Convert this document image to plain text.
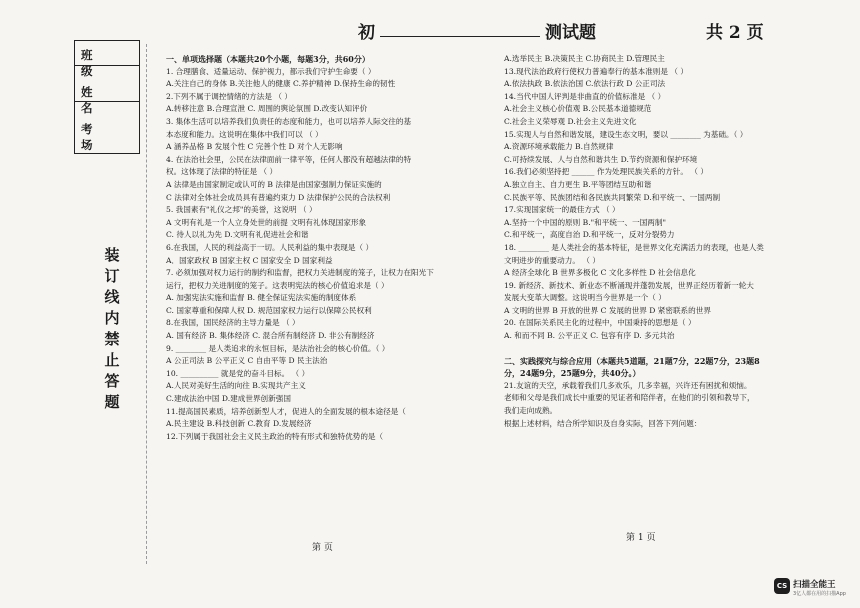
班 级
姓 名
考 场
装
订
线
内
禁
止
答
题
初	测试题	共 2 页
一、单项选择题（本题共20个小题，每题3分，共60分）
1. 合理膳食、适量运动、保护视力，都示我们守护生命要（ ）
A.关注自己的身体 B.关注他人的健康 C.养护精神 D.保持生命的韧性
2.下列不属于调控情绪的方法是 （ ）
A.转移注意 B.合理宣泄 C. 周围的舆论氛围 D.改变认知评价
3. 集体生活可以培养我们负责任的态度和能力，也可以培养人际交往的基
本态度和能力。这说明在集体中我们可以 （ ）
A 涵养品格 B 发展个性 C 完善个性 D 对个人无影响
4. 在法治社会里，公民在法律面前一律平等，任何人都没有超越法律的特
权。这体现了法律的特征是 （ ）
A 法律是由国家制定或认可的 B 法律是由国家强制力保证实施的
C 法律对全体社会成员具有普遍约束力 D 法律保护公民的合法权利
5. 我国素有"礼仪之邦"的美誉，这说明 （ ）
A 文明有礼是一个人立身处世的前提 文明有礼体现国家形象
C. 待人以礼为先 D.文明有礼促进社会和谐
6.在我国，人民的利益高于一切。人民利益的集中表现是（ ）
A．国家政权 B 国家主权 C 国家安全 D 国家利益
7. 必须加强对权力运行的制约和监督，把权力关进制度的笼子，让权力在阳光下
运行，把权力关进制度的笼子。这表明宪法的核心价值追求是（ ）
A. 加强宪法实施和监督 B. 健全保证宪法实施的制度体系
C. 国家尊重和保障人权 D. 规范国家权力运行以保障公民权利
8.在我国，国民经济的主导力量是 （ ）
A. 国有经济 B. 集体经济 C. 混合所有制经济 D. 非公有制经济
9. ________ 是人类追求的永恒目标，是法治社会的核心价值。（ ）
A 公正司法 B 公平正义 C 自由平等 D 民主法治
10. __________ 就是党的奋斗目标。 （ ）
A.人民对美好生活的向往 B.实现共产主义
C.建成法治中国 D.建成世界创新强国
11.提高国民素质，培养创新型人才，促进人的全面发展的根本途径是（
A.民主建设 B.科技创新 C.教育 D.发展经济
12.下列属于我国社会主义民主政治的特有形式和独特优势的是（
A.选举民主 B.决策民主 C.协商民主 D.管理民主
13.现代法治政府行使权力普遍奉行的基本准则是 （ ）
A.依法执政 B.依法治国 C.依法行政 D 公正司法
14.当代中国人评判是非曲直的价值标准是 （ ）
A.社会主义核心价值观 B.公民基本道德规范
C.社会主义荣辱观 D.社会主义先进文化
15.实现人与自然和谐发展，建设生态文明，要以 ________ 为基础。（ ）
A.资源环境承载能力 B.自然规律
C.可持续发展、人与自然和谐共生 D.节约资源和保护环境
16.我们必须坚持把 ______ 作为处理民族关系的方针。 （ ）
A.独立自主、自力更生 B.平等团结互助和谐
C.民族平等、民族团结和各民族共同繁荣 D.和平统一、一国两制
17.实现国家统一的最佳方式 （ ）
A.坚持一个中国的原则 B."和平统一、一国两制"
C.和平统一，高度自治 D.和平统一，反对分裂势力
18. ________ 是人类社会的基本特征，是世界文化充满活力的表现，也是人类
文明进步的重要动力。 （ ）
A 经济全球化 B 世界多极化 C 文化多样性 D 社会信息化
19. 新经济、新技术、新业态不断涌现并蓬勃发展，世界正经历着新一轮大
发展大变革大调整。这说明当今世界是一个（ ）
A 文明的世界 B 开放的世界 C 发展的世界 D 紧密联系的世界
20. 在国际关系民主化的过程中，中国秉持的思想是（ ）
A. 和而不同 B. 公平正义 C. 包容有序 D. 多元共治
二、实践探究与综合应用（本题共5道题，21题7分，22题7分，23题8
分，24题9分，25题9分，共40分。）
21.友谊的天空，承载着我们几多欢乐，几多幸福，兴许还有困扰和烦恼。
老师和父母是我们成长中重要的见证者和陪伴者，在他们的引领和教导下，
我们走向成熟。
根据上述材料，结合所学知识及自身实际，回答下列问题：
第 页
第 1 页
CS 扫描全能王
3亿人都在用的扫描App
